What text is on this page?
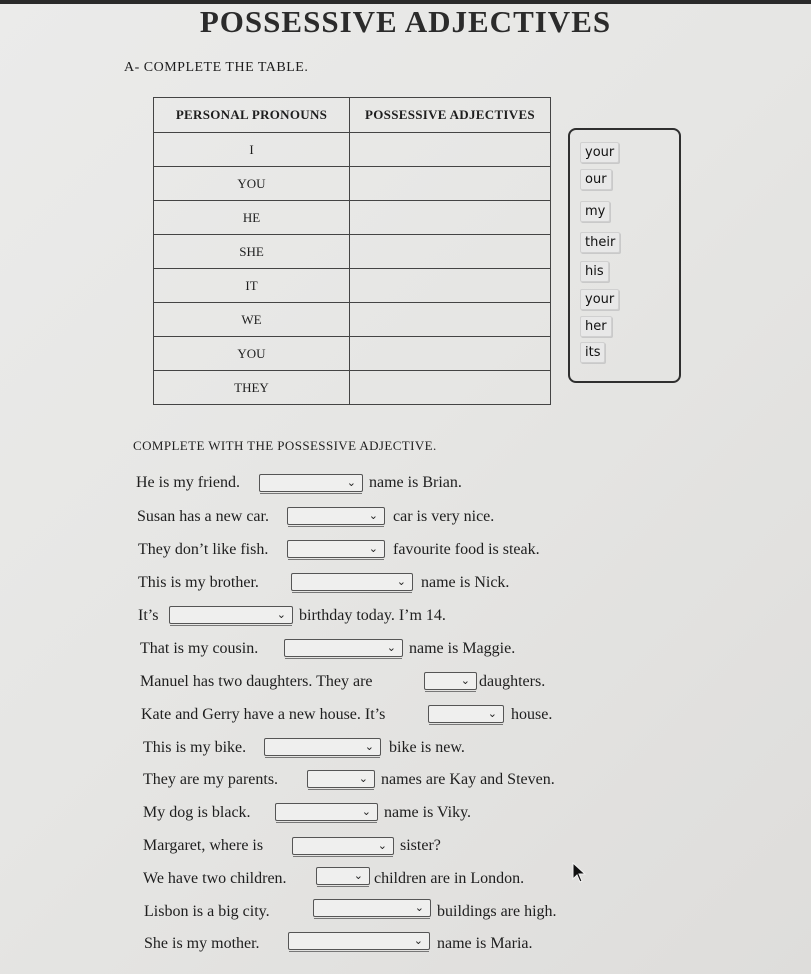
POSSESSIVE ADJECTIVES
A- COMPLETE THE TABLE.
PERSONAL PRONOUNS	POSSESSIVE ADJECTIVES
I	
YOU	
HE	
SHE	
IT	
WE	
YOU	
THEY	
your
our
my
their
his
your
her
its
COMPLETE WITH THE POSSESSIVE ADJECTIVE.
He is my friend.	⌄ name is Brian.
Susan has a new car.	⌄ car is very nice.
They don’t like fish.	⌄ favourite food is steak.
This is my brother.	⌄ name is Nick.
It’s	⌄ birthday today. I’m 14.
That is my cousin.	⌄ name is Maggie.
Manuel has two daughters. They are	⌄ daughters.
Kate and Gerry have a new house. It’s	⌄ house.
This is my bike.	⌄ bike is new.
They are my parents.	⌄ names are Kay and Steven.
My dog is black.	⌄ name is Viky.
Margaret, where is	⌄ sister?
We have two children.	⌄ children are in London.
Lisbon is a big city.	⌄ buildings are high.
She is my mother.	⌄ name is Maria.
